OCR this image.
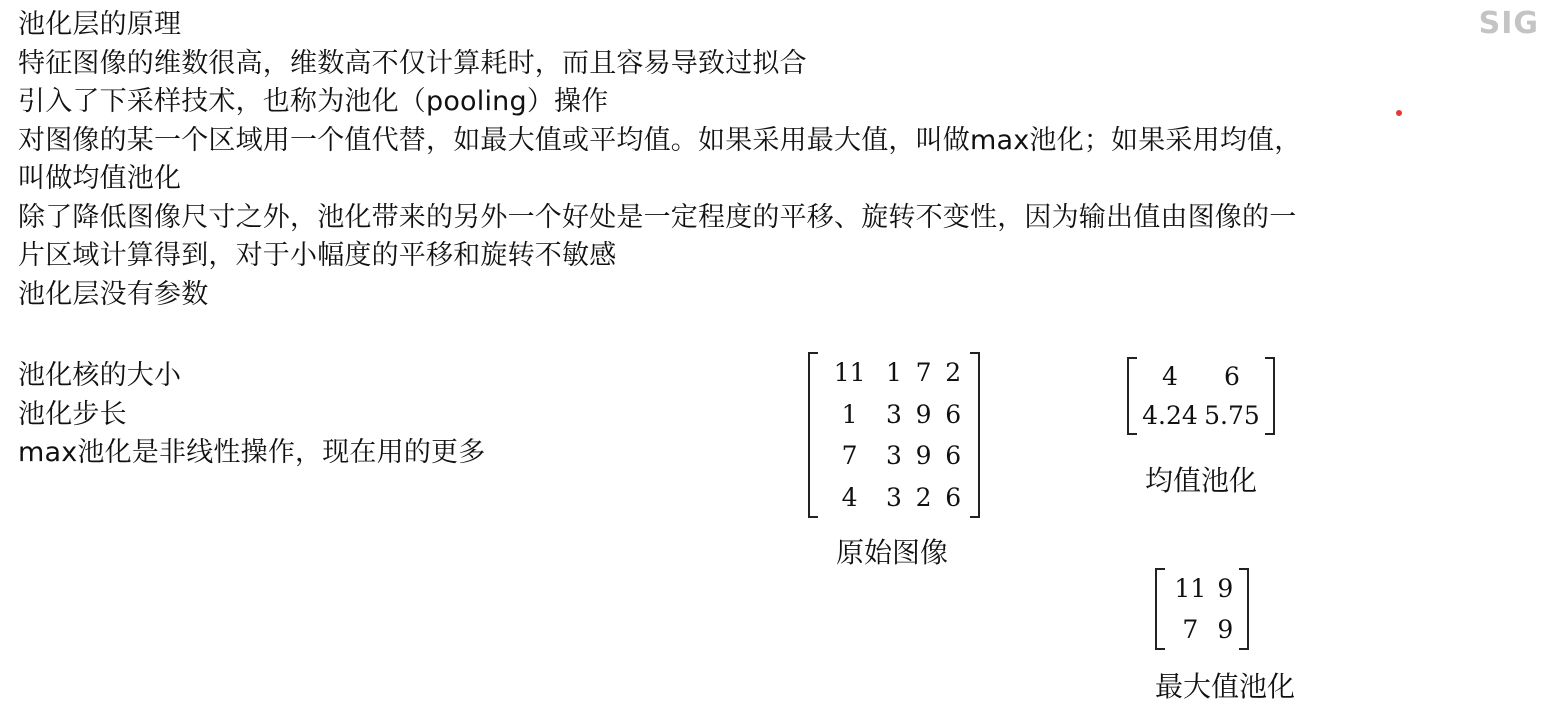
SIG
池化层的原理
特征图像的维数很高，维数高不仅计算耗时，而且容易导致过拟合
引入了下采样技术，也称为池化（pooling）操作
对图像的某一个区域用一个值代替，如最大值或平均值。如果采用最大值，叫做max池化；如果采用均值，
叫做均值池化
除了降低图像尺寸之外，池化带来的另外一个好处是一定程度的平移、旋转不变性，因为输出值由图像的一
片区域计算得到，对于小幅度的平移和旋转不敏感
池化层没有参数
池化核的大小
池化步长
max池化是非线性操作，现在用的更多
11	1	7	2
1	3	9	6
7	3	9	6
4	3	2	6
原始图像
4	6
4.24	5.75
均值池化
11	9
7	9
最大值池化
